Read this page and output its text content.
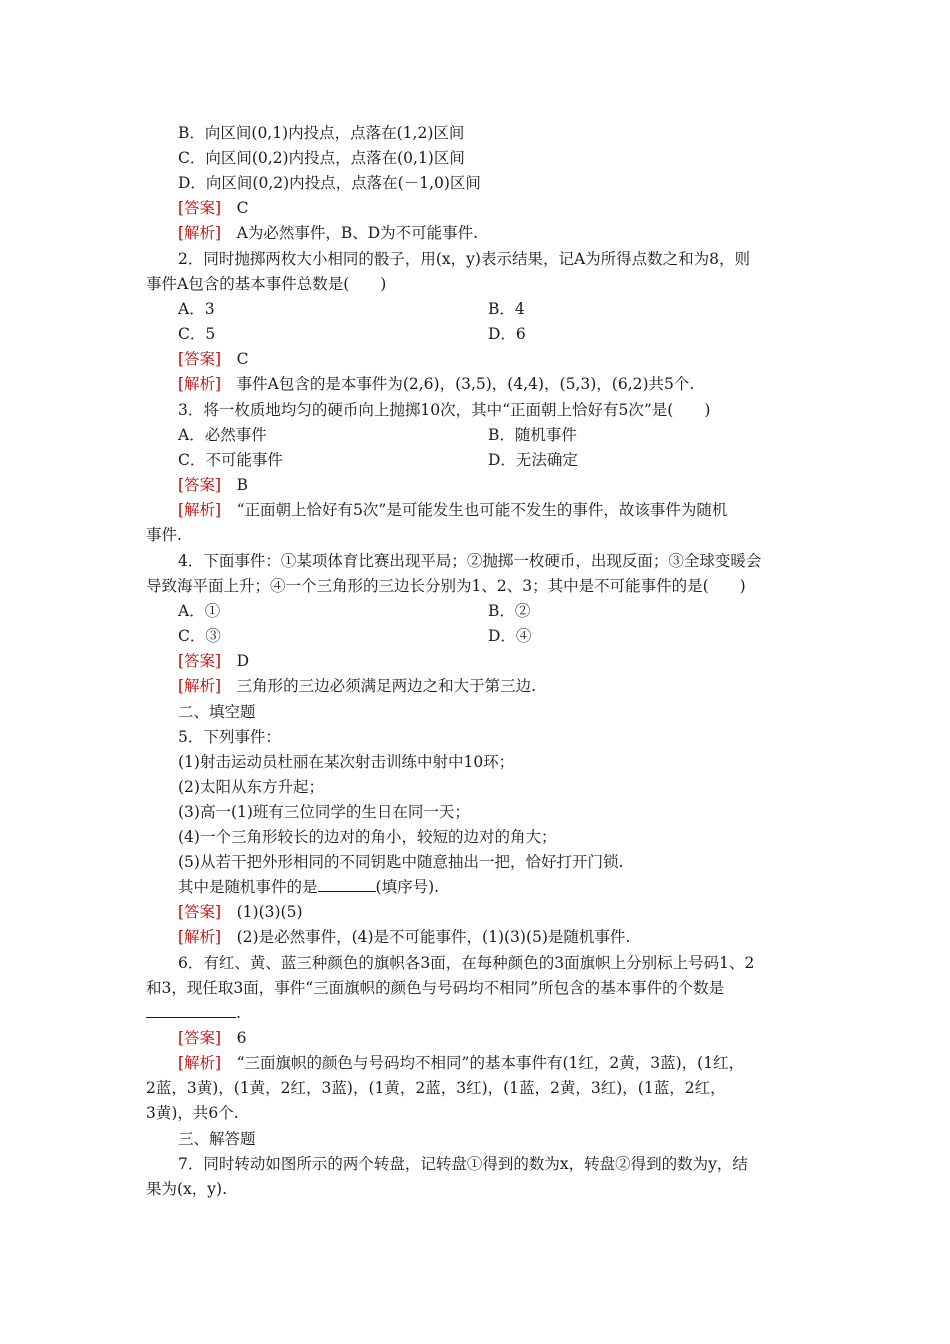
B．向区间(0,1)内投点，点落在(1,2)区间
C．向区间(0,2)内投点，点落在(0,1)区间
D．向区间(0,2)内投点，点落在(－1,0)区间
[答案]　 C
[解析]　 A为必然事件，B、D为不可能事件.
2．同时抛掷两枚大小相同的骰子，用(x，y)表示结果，记A为所得点数之和为8，则
事件A包含的基本事件总数是(　　)
A．3	B．4
C．5	D．6
[答案]　 C
[解析]　 事件A包含的是本事件为(2,6)，(3,5)，(4,4)，(5,3)，(6,2)共5个.
3．将一枚质地均匀的硬币向上抛掷10次，其中“正面朝上恰好有5次”是(　　)
A．必然事件	B．随机事件
C．不可能事件	D．无法确定
[答案]　 B
[解析]　 “正面朝上恰好有5次”是可能发生也可能不发生的事件，故该事件为随机
事件.
4．下面事件：①某项体育比赛出现平局；②抛掷一枚硬币，出现反面；③全球变暖会
导致海平面上升；④一个三角形的三边长分别为1、2、3；其中是不可能事件的是(　　)
A．①	B．②
C．③	D．④
[答案]　 D
[解析]　 三角形的三边必须满足两边之和大于第三边.
二、填空题
5．下列事件：
(1)射击运动员杜丽在某次射击训练中射中10环；
(2)太阳从东方升起；
(3)高一(1)班有三位同学的生日在同一天；
(4)一个三角形较长的边对的角小，较短的边对的角大；
(5)从若干把外形相同的不同钥匙中随意抽出一把，恰好打开门锁.
其中是随机事件的是	(填序号).
[答案]　 (1)(3)(5)
[解析]　 (2)是必然事件，(4)是不可能事件，(1)(3)(5)是随机事件.
6．有红、黄、蓝三种颜色的旗帜各3面，在每种颜色的3面旗帜上分别标上号码1、2
和3，现任取3面，事件“三面旗帜的颜色与号码均不相同”所包含的基本事件的个数是
.
[答案]　 6
[解析]　 “三面旗帜的颜色与号码均不相同”的基本事件有(1红，2黄，3蓝)，(1红，
2蓝，3黄)，(1黄，2红，3蓝)，(1黄，2蓝，3红)，(1蓝，2黄，3红)，(1蓝，2红，
3黄)，共6个.
三、解答题
7．同时转动如图所示的两个转盘，记转盘①得到的数为x，转盘②得到的数为y，结
果为(x，y).
